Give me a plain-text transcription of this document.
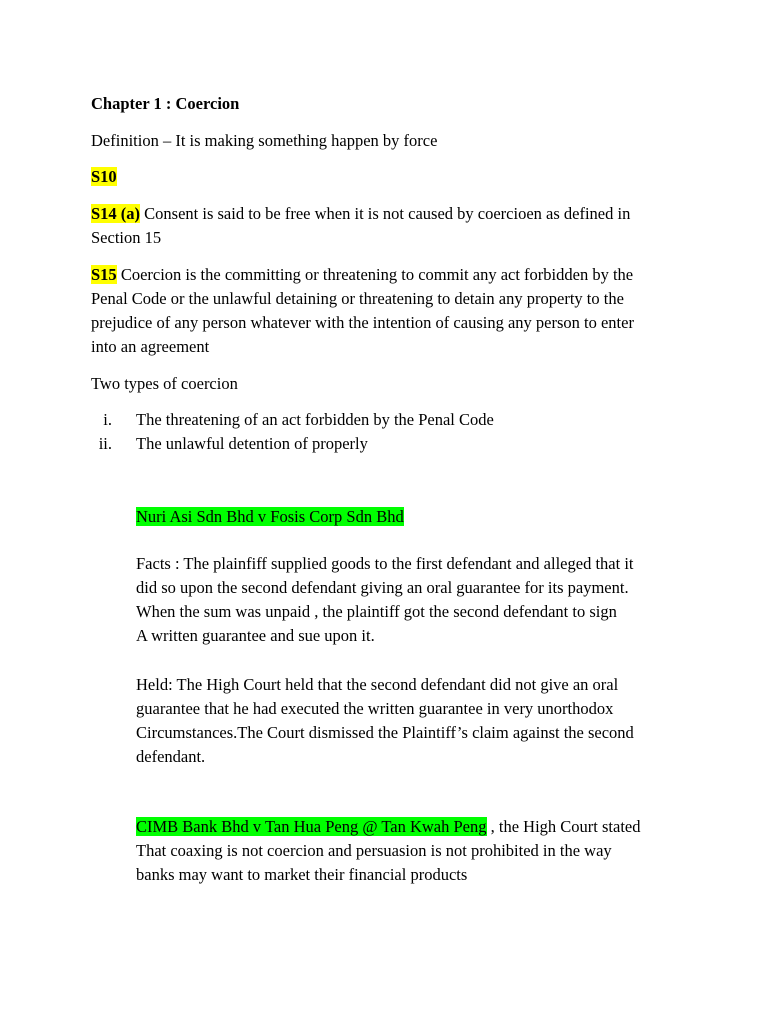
Chapter 1 : Coercion
Definition – It is making something happen by force
S10
S14 (a) Consent is said to be free when it is not caused by coercioen as defined in
Section 15
S15 Coercion is the committing or threatening to commit any act forbidden by the
Penal Code or the unlawful detaining or threatening to detain any property to the
prejudice of any person whatever with the intention of causing any person to enter
into an agreement
Two types of coercion
i. The threatening of an act forbidden by the Penal Code
ii. The unlawful detention of properly
Nuri Asi Sdn Bhd v Fosis Corp Sdn Bhd
Facts : The plainfiff supplied goods to the first defendant and alleged that it
did so upon the second defendant giving an oral guarantee for its payment.
When the sum was unpaid , the plaintiff got the second defendant to sign
A written guarantee and sue upon it.
Held: The High Court held that the second defendant did not give an oral
guarantee that he had executed the written guarantee in very unorthodox
Circumstances.The Court dismissed the Plaintiff’s claim against the second
defendant.
CIMB Bank Bhd v Tan Hua Peng @ Tan Kwah Peng , the High Court stated
That coaxing is not coercion and persuasion is not prohibited in the way
banks may want to market their financial products
